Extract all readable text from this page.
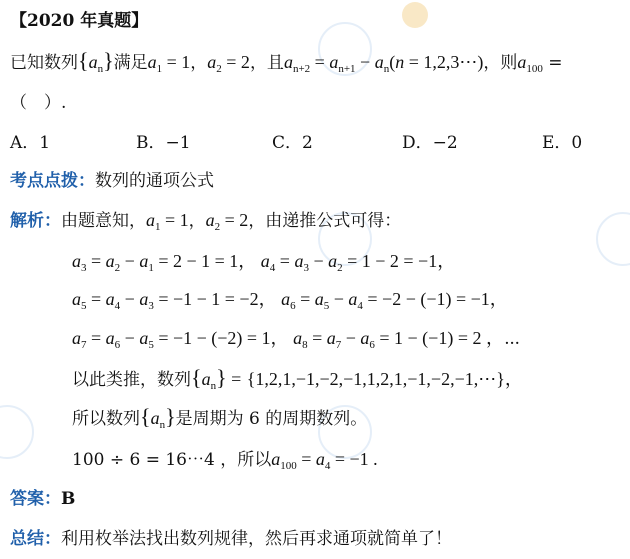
【2020 年真题】
已知数列$\{a_n\}$满足$a_1 = 1$，$a_2 = 2$，且$a_{n+2} = a_{n+1} - a_n(n$ = 1,2,3⋯)，则$a_{100}$ =
（　）.
A．1	B．−1	C．2	D．−2	E．0
考点点拨：数列的通项公式
解析：由题意知，$a_1 = 1$，$a_2 = 2$，由递推公式可得：
$a_3 = a_2 - a_1 = 2 - 1 = 1$， $a_4 = a_3 - a_2 = 1 - 2 = -1$，
$a_5 = a_4 - a_3 = -1 - 1 = -2$， $a_6 = a_5 - a_4 = -2 - (-1) = -1$，
$a_7 = a_6 - a_5 = -1 - (-2) = 1$， $a_8 = a_7 - a_6 = 1 - (-1) = 2$ ，⋯
以此类推，数列$\{a_n\}$ = {1,2,1,−1,−2,−1,1,2,1,−1,−2,−1,⋯}，
所以数列$\{a_n\}$是周期为 6 的周期数列。
100 ÷ 6 = 16⋯4 ，所以$a_{100} = a_4 = -1$ .
答案：B
总结：利用枚举法找出数列规律，然后再求通项就简单了！
